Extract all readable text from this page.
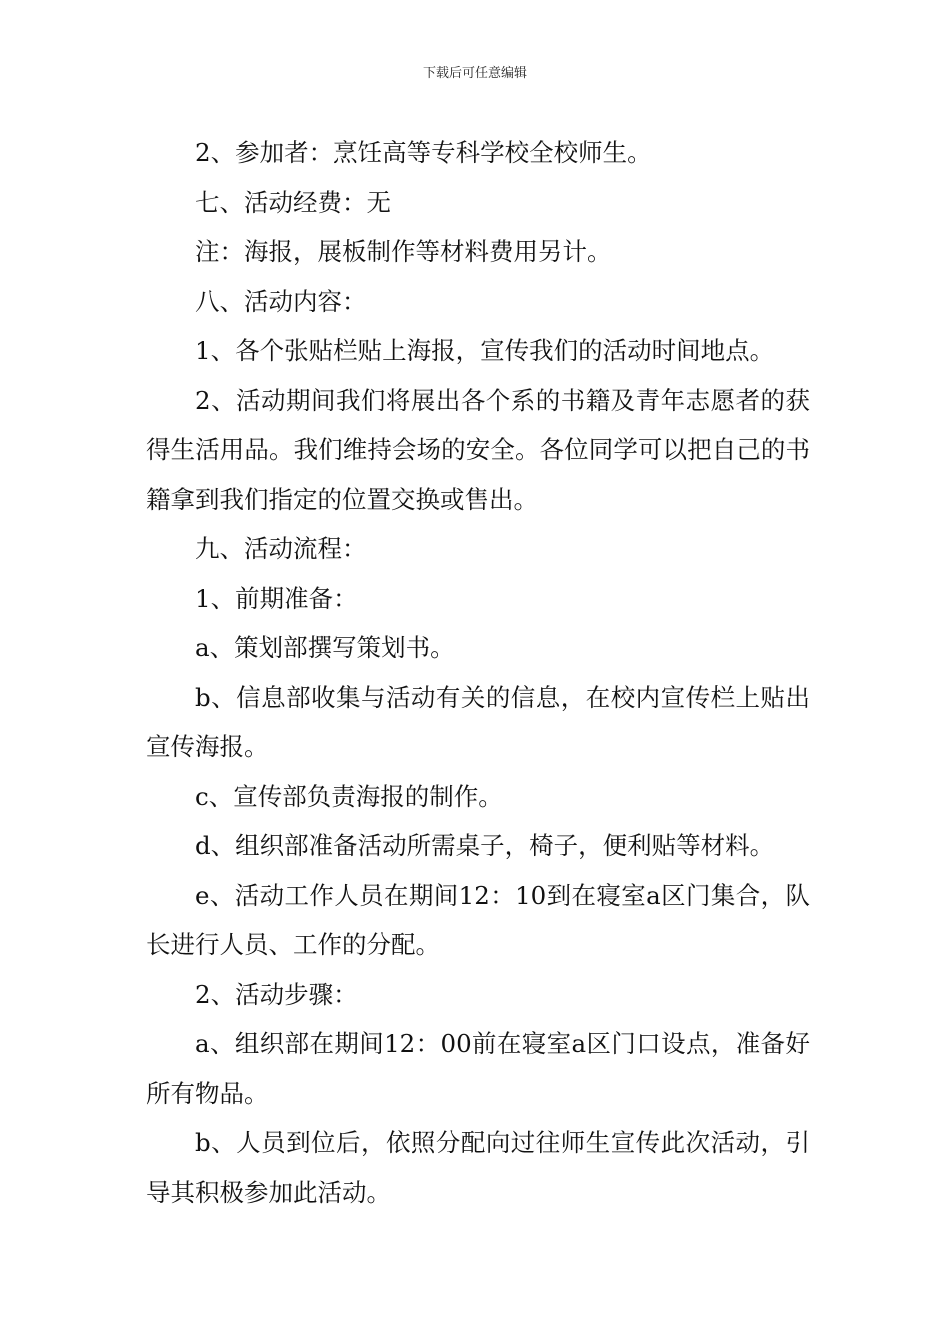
下载后可任意编辑

2、参加者：烹饪高等专科学校全校师生。

七、活动经费：无

注：海报，展板制作等材料费用另计。

八、活动内容：

1、各个张贴栏贴上海报，宣传我们的活动时间地点。

2、活动期间我们将展出各个系的书籍及青年志愿者的获得生活用品。我们维持会场的安全。各位同学可以把自己的书籍拿到我们指定的位置交换或售出。

九、活动流程：

1、前期准备：

a、策划部撰写策划书。

b、信息部收集与活动有关的信息，在校内宣传栏上贴出宣传海报。

c、宣传部负责海报的制作。

d、组织部准备活动所需桌子，椅子，便利贴等材料。

e、活动工作人员在期间12：10到在寝室a区门集合，队长进行人员、工作的分配。

2、活动步骤：

a、组织部在期间12：00前在寝室a区门口设点，准备好所有物品。

b、人员到位后，依照分配向过往师生宣传此次活动，引导其积极参加此活动。
